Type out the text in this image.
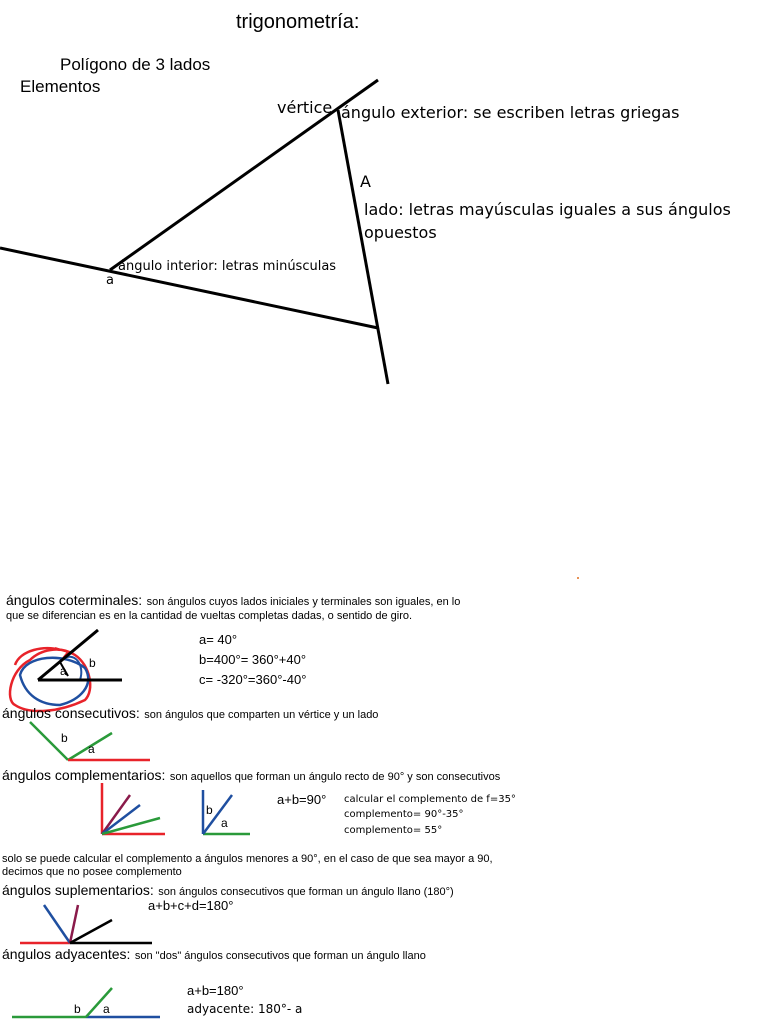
trigonometría:
Polígono de 3 lados
Elementos
vértice ángulo exterior: se escriben letras griegas
A
lado: letras mayúsculas iguales a sus ángulos
opuestos
ángulo interior: letras minúsculas
a
ángulos coterminales: son ángulos cuyos lados iniciales y terminales son iguales, en lo
que se diferencian es en la cantidad de vueltas completas dadas, o sentido de giro.
a= 40°
b=400°= 360°+40°
c= -320°=360°-40°
a
b
ángulos consecutivos: son ángulos que comparten un vértice y un lado
b
a
ángulos complementarios: son aquellos que forman un ángulo recto de 90° y son consecutivos
b
a
a+b=90° calcular el complemento de f=35°
complemento= 90°-35°
complemento= 55°
solo se puede calcular el complemento a ángulos menores a 90°, en el caso de que sea mayor a 90, decimos que no posee complemento
ángulos suplementarios: son ángulos consecutivos que forman un ángulo llano (180°)
a+b+c+d=180°
ángulos adyacentes: son "dos" ángulos consecutivos que forman un ángulo llano
b a
a+b=180°
adyacente: 180°- a
